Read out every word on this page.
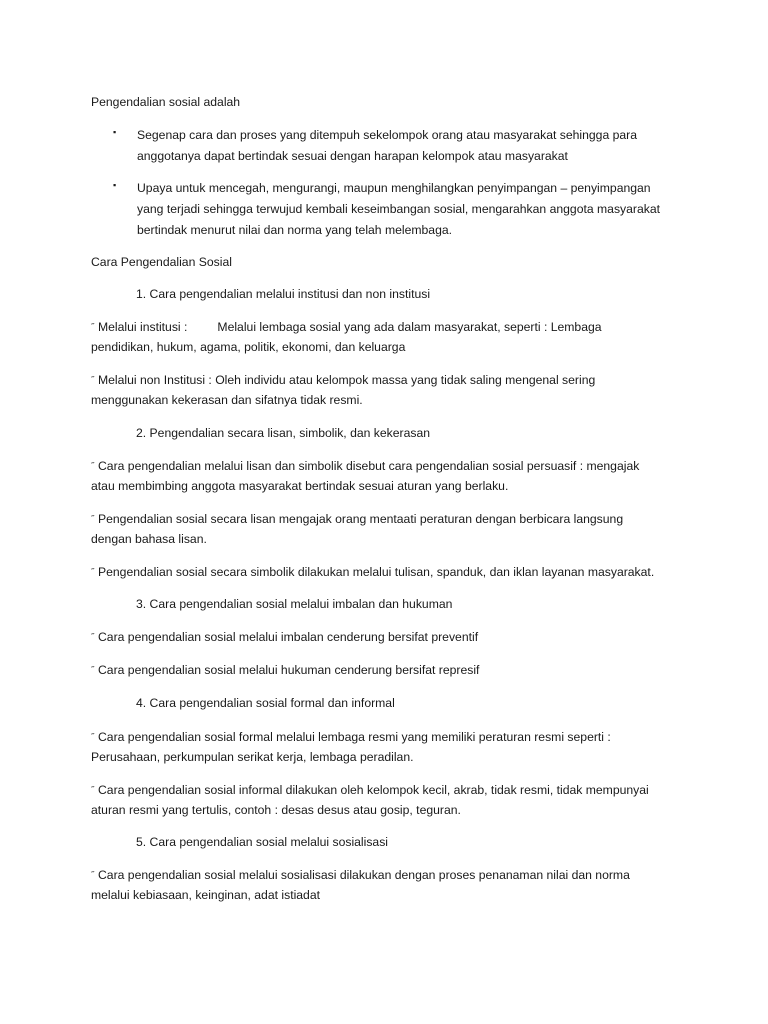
Pengendalian sosial adalah
▪ Segenap cara dan proses yang ditempuh sekelompok orang atau masyarakat sehingga para
anggotanya dapat bertindak sesuai dengan harapan kelompok atau masyarakat
▪ Upaya untuk mencegah, mengurangi, maupun menghilangkan penyimpangan – penyimpangan
yang terjadi sehingga terwujud kembali keseimbangan sosial, mengarahkan anggota masyarakat
bertindak menurut nilai dan norma yang telah melembaga.
Cara Pengendalian Sosial
1. Cara pengendalian melalui institusi dan non institusi
˝ Melalui institusi : Melalui lembaga sosial yang ada dalam masyarakat, seperti : Lembaga
pendidikan, hukum, agama, politik, ekonomi, dan keluarga
˝ Melalui non Institusi : Oleh individu atau kelompok massa yang tidak saling mengenal sering
menggunakan kekerasan dan sifatnya tidak resmi.
2. Pengendalian secara lisan, simbolik, dan kekerasan
˝ Cara pengendalian melalui lisan dan simbolik disebut cara pengendalian sosial persuasif : mengajak
atau membimbing anggota masyarakat bertindak sesuai aturan yang berlaku.
˝ Pengendalian sosial secara lisan mengajak orang mentaati peraturan dengan berbicara langsung
dengan bahasa lisan.
˝ Pengendalian sosial secara simbolik dilakukan melalui tulisan, spanduk, dan iklan layanan masyarakat.
3. Cara pengendalian sosial melalui imbalan dan hukuman
˝ Cara pengendalian sosial melalui imbalan cenderung bersifat preventif
˝ Cara pengendalian sosial melalui hukuman cenderung bersifat represif
4. Cara pengendalian sosial formal dan informal
˝ Cara pengendalian sosial formal melalui lembaga resmi yang memiliki peraturan resmi seperti :
Perusahaan, perkumpulan serikat kerja, lembaga peradilan.
˝ Cara pengendalian sosial informal dilakukan oleh kelompok kecil, akrab, tidak resmi, tidak mempunyai
aturan resmi yang tertulis, contoh : desas desus atau gosip, teguran.
5. Cara pengendalian sosial melalui sosialisasi
˝ Cara pengendalian sosial melalui sosialisasi dilakukan dengan proses penanaman nilai dan norma
melalui kebiasaan, keinginan, adat istiadat
